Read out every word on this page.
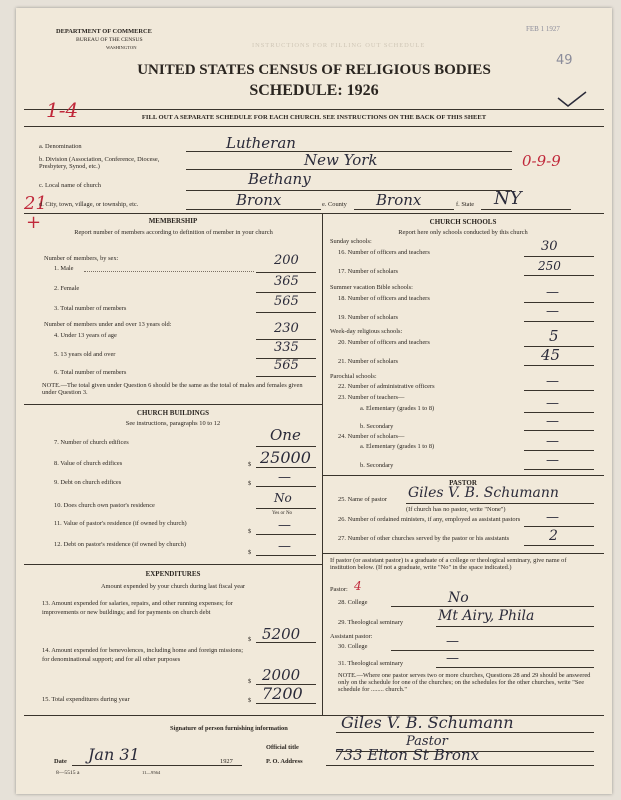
INSTRUCTIONS FOR FILLING OUT SCHEDULE
DEPARTMENT OF COMMERCE
BUREAU OF THE CENSUS
WASHINGTON
FEB 1 1927
49
UNITED STATES CENSUS OF RELIGIOUS BODIES
SCHEDULE: 1926
FILL OUT A SEPARATE SCHEDULE FOR EACH CHURCH. SEE INSTRUCTIONS ON THE BACK OF THIS SHEET
1-4
21
+
0-9-9
a. Denomination	Lutheran
b. Division (Association, Conference, Diocese, Presbytery, Synod, etc.)	New York
c. Local name of church	Bethany
d. City, town, village, or township, etc.	Bronx	e. County Bronx	f. State NY
MEMBERSHIP
Report number of members according to definition of member in your church
Number of members, by sex:
1. Male
200
2. Female	365
3. Total number of members	565
Number of members under and over 13 years old:
4. Under 13 years of age	230
5. 13 years old and over	335
6. Total number of members	565
NOTE.—The total given under Question 6 should be the same as the total of males and females given under Question 3.
CHURCH BUILDINGS
See instructions, paragraphs 10 to 12
7. Number of church edifices	One
8. Value of church edifices	$ 25000
9. Debt on church edifices	$ —
10. Does church own pastor's residence
No
Yes or No
11. Value of pastor's residence (if owned by church)
$ —
12. Debt on pastor's residence (if owned by church)
$ —
EXPENDITURES
Amount expended by your church during last fiscal year
13. Amount expended for salaries, repairs, and other running expenses; for improvements or new buildings; and for payments on church debt
$ 5200
14. Amount expended for benevolences, including home and foreign missions; for denominational support; and for all other purposes
$ 2000
15. Total expenditures during year	$ 7200
CHURCH SCHOOLS
Report here only schools conducted by this church
Sunday schools:
16. Number of officers and teachers	30
17. Number of scholars	250
Summer vacation Bible schools:
18. Number of officers and teachers	—
19. Number of scholars	—
Week-day religious schools:
20. Number of officers and teachers	5
21. Number of scholars	45
Parochial schools:
22. Number of administrative officers	—
23. Number of teachers—
a. Elementary (grades 1 to 8)	—
b. Secondary	—
24. Number of scholars—
a. Elementary (grades 1 to 8)	—
b. Secondary	—
PASTOR
25. Name of pastor Giles V. B. Schumann
(If church has no pastor, write "None")
26. Number of ordained ministers, if any, employed as assistant pastors —
27. Number of other churches served by the pastor or his assistants	2
If pastor (or assistant pastor) is a graduate of a college or theological seminary, give name of institution below. (If not a graduate, write "No" in the space indicated.)
Pastor: 4
28. College	No
29. Theological seminary Mt Airy, Phila
Assistant pastor:
30. College	—
31. Theological seminary	—
NOTE.—Where one pastor serves two or more churches, Questions 28 and 29 should be answered only on the schedule for one of the churches; on the schedules for the other churches, write "See schedule for ........ church."
Signature of person furnishing information	Giles V. B. Schumann
Official title	Pastor
Date Jan 31	1927
8—5515 a	11—9564
P. O. Address 733 Elton St Bronx
